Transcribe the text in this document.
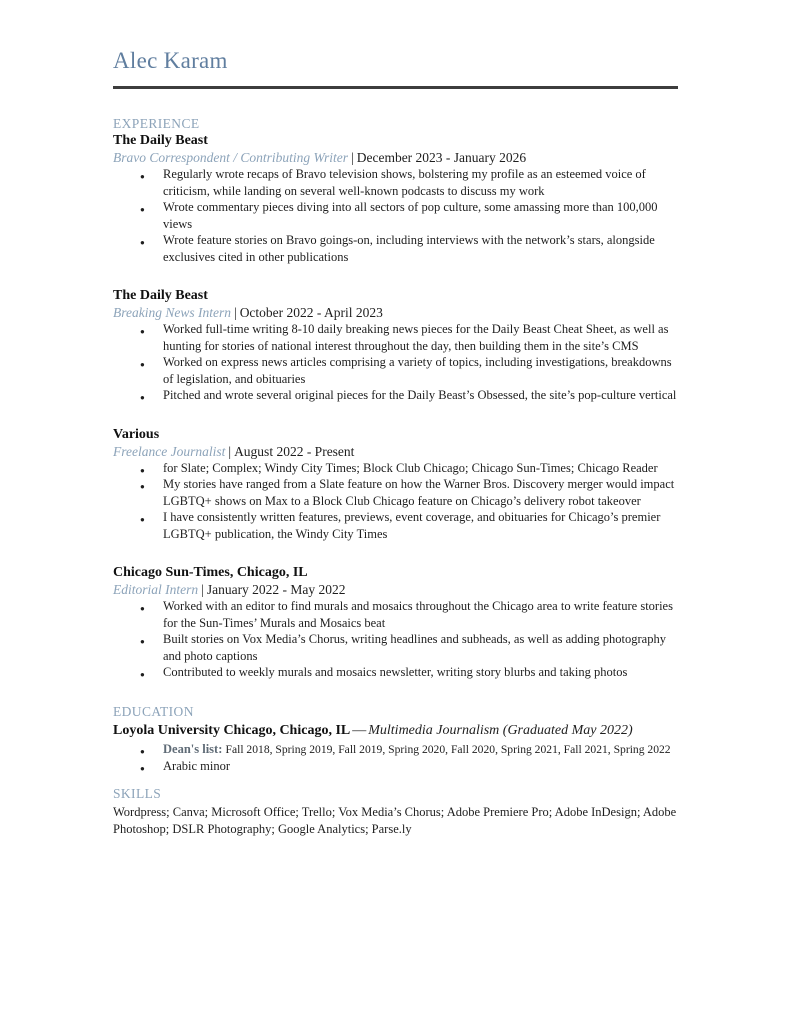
Alec Karam
EXPERIENCE
The Daily Beast

Bravo Correspondent / Contributing Writer | December 2023 - January 2026

● Regularly wrote recaps of Bravo television shows, bolstering my profile as an esteemed voice of criticism, while landing on several well-known podcasts to discuss my work
● Wrote commentary pieces diving into all sectors of pop culture, some amassing more than 100,000 views
● Wrote feature stories on Bravo goings-on, including interviews with the network’s stars, alongside exclusives cited in other publications
The Daily Beast

Breaking News Intern | October 2022 - April 2023

● Worked full-time writing 8-10 daily breaking news pieces for the Daily Beast Cheat Sheet, as well as hunting for stories of national interest throughout the day, then building them in the site’s CMS
● Worked on express news articles comprising a variety of topics, including investigations, breakdowns of legislation, and obituaries
● Pitched and wrote several original pieces for the Daily Beast’s Obsessed, the site’s pop-culture vertical
Various

Freelance Journalist | August 2022 - Present

● for Slate; Complex; Windy City Times; Block Club Chicago; Chicago Sun-Times; Chicago Reader
● My stories have ranged from a Slate feature on how the Warner Bros. Discovery merger would impact LGBTQ+ shows on Max to a Block Club Chicago feature on Chicago’s delivery robot takeover
● I have consistently written features, previews, event coverage, and obituaries for Chicago’s premier LGBTQ+ publication, the Windy City Times
Chicago Sun-Times, Chicago, IL

Editorial Intern | January 2022 - May 2022

● Worked with an editor to find murals and mosaics throughout the Chicago area to write feature stories for the Sun-Times’ Murals and Mosaics beat
● Built stories on Vox Media’s Chorus, writing headlines and subheads, as well as adding photography and photo captions
● Contributed to weekly murals and mosaics newsletter, writing story blurbs and taking photos
EDUCATION

Loyola University Chicago, Chicago, IL — Multimedia Journalism (Graduated May 2022)

● Dean's list: Fall 2018, Spring 2019, Fall 2019, Spring 2020, Fall 2020, Spring 2021, Fall 2021, Spring 2022
● Arabic minor
SKILLS

Wordpress; Canva; Microsoft Office; Trello; Vox Media’s Chorus; Adobe Premiere Pro; Adobe InDesign; Adobe Photoshop; DSLR Photography; Google Analytics; Parse.ly
